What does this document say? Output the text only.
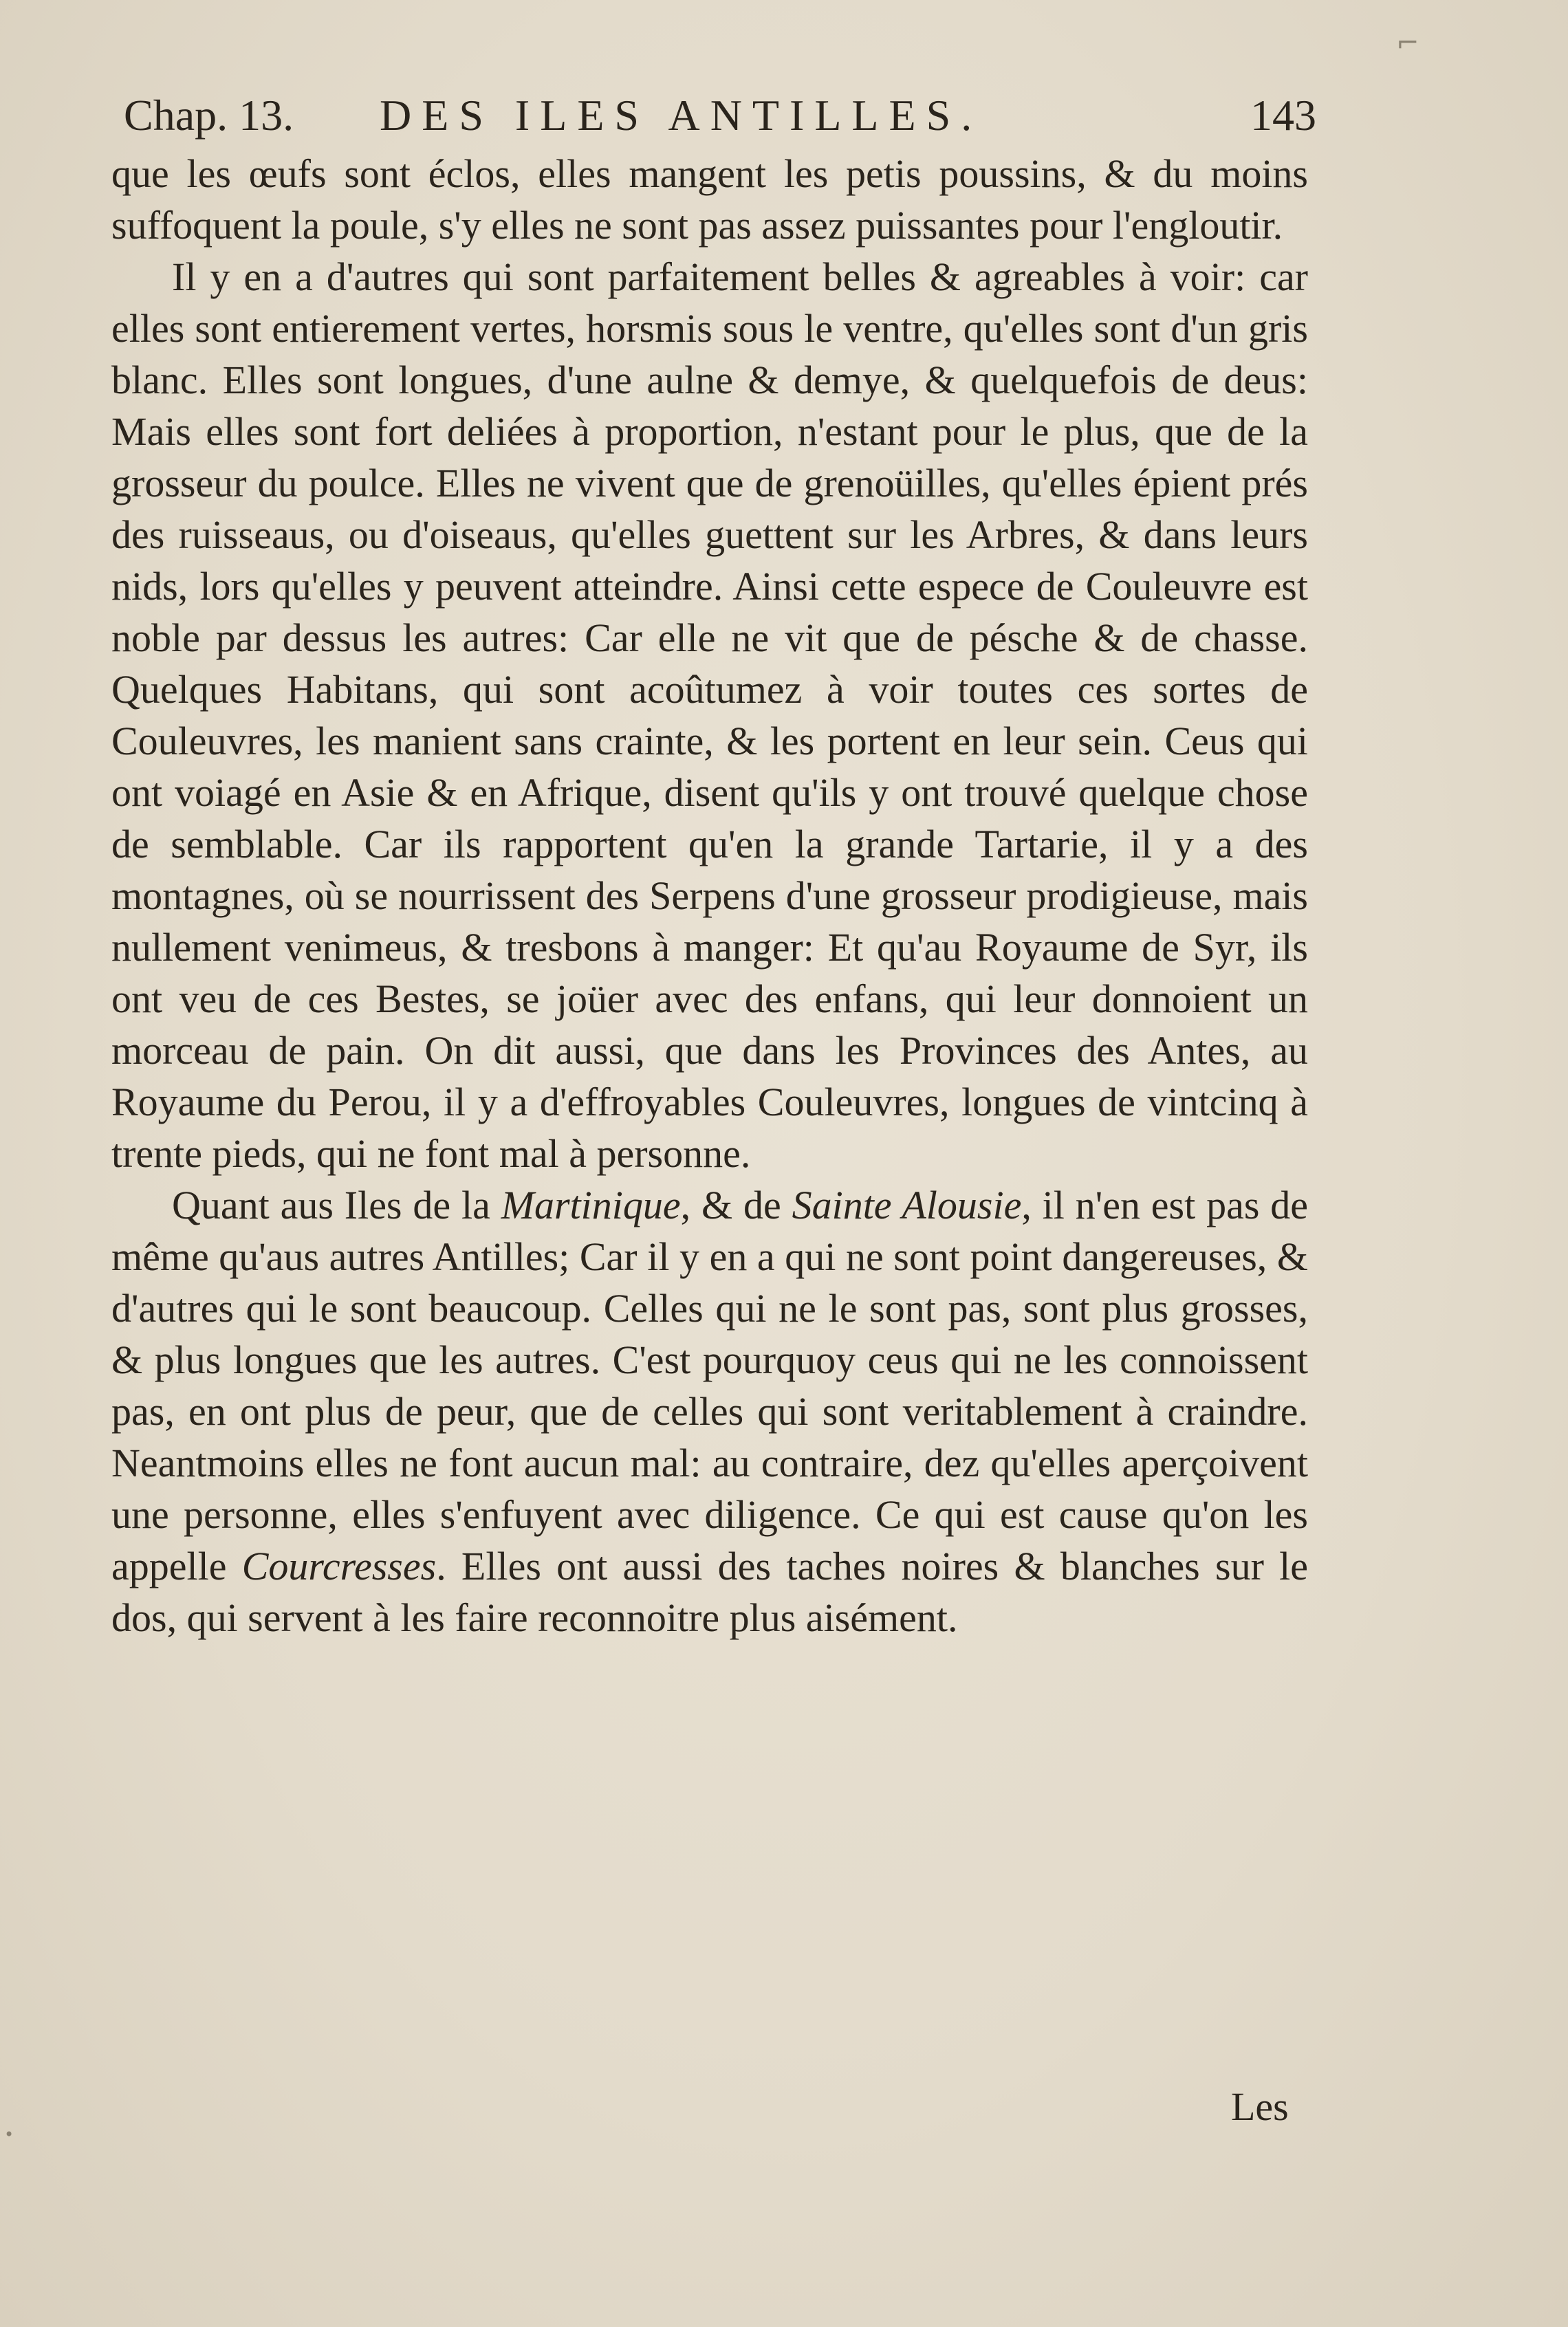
Chap. 13. DES ILES ANTILLES.	143

que les œufs sont éclos, elles mangent les petis poussins, & du moins suffoquent la poule, s'y elles ne sont pas assez puissantes pour l'engloutir.

Il y en a d'autres qui sont parfaitement belles & agreables à voir: car elles sont entierement vertes, horsmis sous le ventre, qu'elles sont d'un gris blanc. Elles sont longues, d'une aulne & demye, & quelquefois de deus: Mais elles sont fort deliées à proportion, n'estant pour le plus, que de la grosseur du poulce. Elles ne vivent que de grenoüilles, qu'elles épient prés des ruisseaus, ou d'oiseaus, qu'elles guettent sur les Arbres, & dans leurs nids, lors qu'elles y peuvent atteindre. Ainsi cette espece de Couleuvre est noble par dessus les autres: Car elle ne vit que de pésche & de chasse. Quelques Habitans, qui sont acoûtumez à voir toutes ces sortes de Couleuvres, les manient sans crainte, & les portent en leur sein. Ceus qui ont voiagé en Asie & en Afrique, disent qu'ils y ont trouvé quelque chose de semblable. Car ils rapportent qu'en la grande Tartarie, il y a des montagnes, où se nourrissent des Serpens d'une grosseur prodigieuse, mais nullement venimeus, & tresbons à manger: Et qu'au Royaume de Syr, ils ont veu de ces Bestes, se joüer avec des enfans, qui leur donnoient un morceau de pain. On dit aussi, que dans les Provinces des Antes, au Royaume du Perou, il y a d'effroyables Couleuvres, longues de vintcinq à trente pieds, qui ne font mal à personne.

Quant aus Iles de la Martinique, & de Sainte Alousie, il n'en est pas de même qu'aus autres Antilles; Car il y en a qui ne sont point dangereuses, & d'autres qui le sont beaucoup. Celles qui ne le sont pas, sont plus grosses, & plus longues que les autres. C'est pourquoy ceus qui ne les connoissent pas, en ont plus de peur, que de celles qui sont veritablement à craindre. Neantmoins elles ne font aucun mal: au contraire, dez qu'elles aperçoivent une personne, elles s'enfuyent avec diligence. Ce qui est cause qu'on les appelle Courcresses. Elles ont aussi des taches noires & blanches sur le dos, qui servent à les faire reconnoitre plus aisément.

Les
⌐
•
